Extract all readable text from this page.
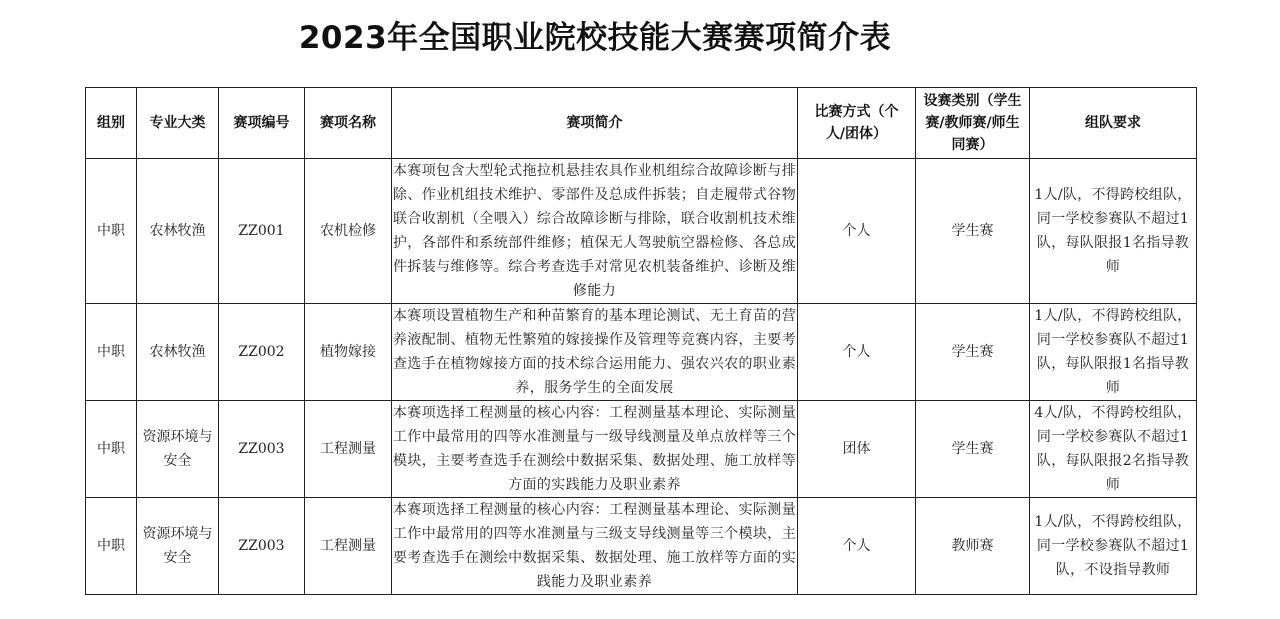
2023年全国职业院校技能大赛赛项简介表
组别	专业大类	赛项编号	赛项名称	赛项简介	比赛方式（个人/团体）	设赛类别（学生赛/教师赛/师生同赛）	组队要求
中职	农林牧渔	ZZ001	农机检修	本赛项包含大型轮式拖拉机悬挂农具作业机组综合故障诊断与排除、作业机组技术维护、零部件及总成件拆装；自走履带式谷物联合收割机（全喂入）综合故障诊断与排除，联合收割机技术维护，各部件和系统部件维修；植保无人驾驶航空器检修、各总成件拆装与维修等。综合考查选手对常见农机装备维护、诊断及维修能力	个人	学生赛	1人/队，不得跨校组队，同一学校参赛队不超过1队，每队限报1名指导教师
中职	农林牧渔	ZZ002	植物嫁接	本赛项设置植物生产和种苗繁育的基本理论测试、无土育苗的营养液配制、植物无性繁殖的嫁接操作及管理等竞赛内容，主要考查选手在植物嫁接方面的技术综合运用能力、强农兴农的职业素养，服务学生的全面发展	个人	学生赛	1人/队，不得跨校组队，同一学校参赛队不超过1队，每队限报1名指导教师
中职	资源环境与安全	ZZ003	工程测量	本赛项选择工程测量的核心内容：工程测量基本理论、实际测量工作中最常用的四等水准测量与一级导线测量及单点放样等三个模块，主要考查选手在测绘中数据采集、数据处理、施工放样等方面的实践能力及职业素养	团体	学生赛	4人/队，不得跨校组队，同一学校参赛队不超过1队，每队限报2名指导教师
中职	资源环境与安全	ZZ003	工程测量	本赛项选择工程测量的核心内容：工程测量基本理论、实际测量工作中最常用的四等水准测量与三级支导线测量等三个模块，主要考查选手在测绘中数据采集、数据处理、施工放样等方面的实践能力及职业素养	个人	教师赛	1人/队，不得跨校组队，同一学校参赛队不超过1队，不设指导教师
